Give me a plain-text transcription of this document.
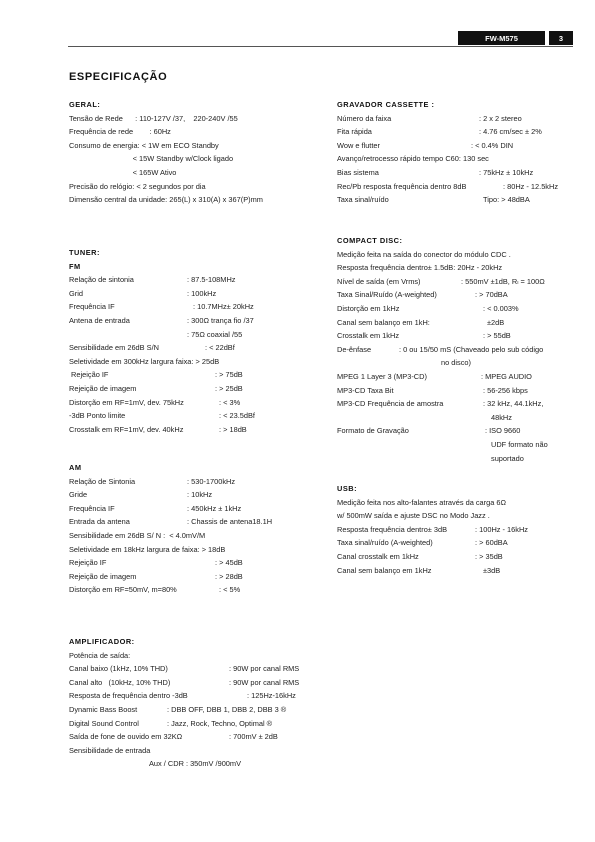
FW-M575	3
ESPECIFICAÇÃO
GERAL:
Tensão de Rede      : 110-127V /37,    220-240V /55
Frequência de rede        : 60Hz
Consumo de energia: < 1W em ECO Standby
< 15W Standby w/Clock ligado
< 165W Ativo
Precisão do relógio: < 2 segundos por dia
Dimensão central da unidade: 265(L) x 310(A) x 367(P)mm
TUNER:
FM
Relação de sintonia	: 87.5-108MHz
Grid	: 100kHz
Frequência IF	: 10.7MHz± 20kHz
Antena de entrada	: 300Ω trança fio /37
: 75Ω coaxial /55
Sensibilidade em 26dB S/N	: < 22dBf
Seletividade em 300kHz largura faixa: > 25dB
Rejeição IF	: > 75dB
Rejeição de imagem	: > 25dB
Distorção em RF=1mV, dev. 75kHz	: < 3%
-3dB Ponto limite	: < 23.5dBf
Crosstalk em RF=1mV, dev. 40kHz	: > 18dB
AM
Relação de Sintonia	: 530-1700kHz
Gride	: 10kHz
Frequência IF	: 450kHz ± 1kHz
Entrada da antena	: Chassis de antena18.1H
Sensibilidade em 26dB S/ N :  < 4.0mV/M
Seletividade em 18kHz largura de faixa: > 18dB
Rejeição IF	: > 45dB
Rejeição de imagem	: > 28dB
Distorção em RF=50mV, m=80%	: < 5%
AMPLIFICADOR:
Potência de saída:
Canal baixo (1kHz, 10% THD)	: 90W por canal RMS
Canal alto   (10kHz, 10% THD)	: 90W por canal RMS
Resposta de frequência dentro -3dB	: 125Hz-16kHz
Dynamic Bass Boost	: DBB OFF, DBB 1, DBB 2, DBB 3 ®
Digital Sound Control	: Jazz, Rock, Techno, Optimal ®
Saída de fone de ouvido em 32KΩ	: 700mV ± 2dB
Sensibilidade de entrada
Aux / CDR : 350mV /900mV
GRAVADOR CASSETTE :
Número da faixa	: 2 x 2 stereo
Fita rápida	: 4.76 cm/sec ± 2%
Wow e flutter	: < 0.4% DIN
Avanço/retrocesso rápido tempo C60: 130 sec
Bias sistema	: 75kHz ± 10kHz
Rec/Pb resposta frequência dentro 8dB	: 80Hz - 12.5kHz
Taxa sinal/ruído	Tipo: > 48dBA
COMPACT DISC:
Medição feita na saída do conector do módulo CDC .
Resposta frequência dentro± 1.5dB: 20Hz - 20kHz
Nível de saída (em Vrms)	: 550mV ±1dB, Rₗ = 100Ω
Taxa Sinal/Ruído (A-weighted)	: > 70dBA
Distorção em 1kHz	: < 0.003%
Canal sem balanço em 1kH:	±2dB
Crosstalk em 1kHz	: > 55dB
De-ênfase	: 0 ou 15/50 mS (Chaveado pelo sub código
no disco)
MPEG 1 Layer 3 (MP3-CD)	: MPEG AUDIO
MP3-CD Taxa Bit	: 56-256 kbps
MP3-CD Frequência de amostra	: 32 kHz, 44.1kHz,
48kHz
Formato de Gravação	: ISO 9660
UDF formato não
suportado
USB:
Medição feita nos alto-falantes através da carga 6Ω
w/ 500mW saída e ajuste DSC no Modo Jazz .
Resposta frequência dentro± 3dB	: 100Hz - 16kHz
Taxa sinal/ruído (A-weighted)	: > 60dBA
Canal crosstalk em 1kHz	: > 35dB
Canal sem balanço em 1kHz	±3dB
